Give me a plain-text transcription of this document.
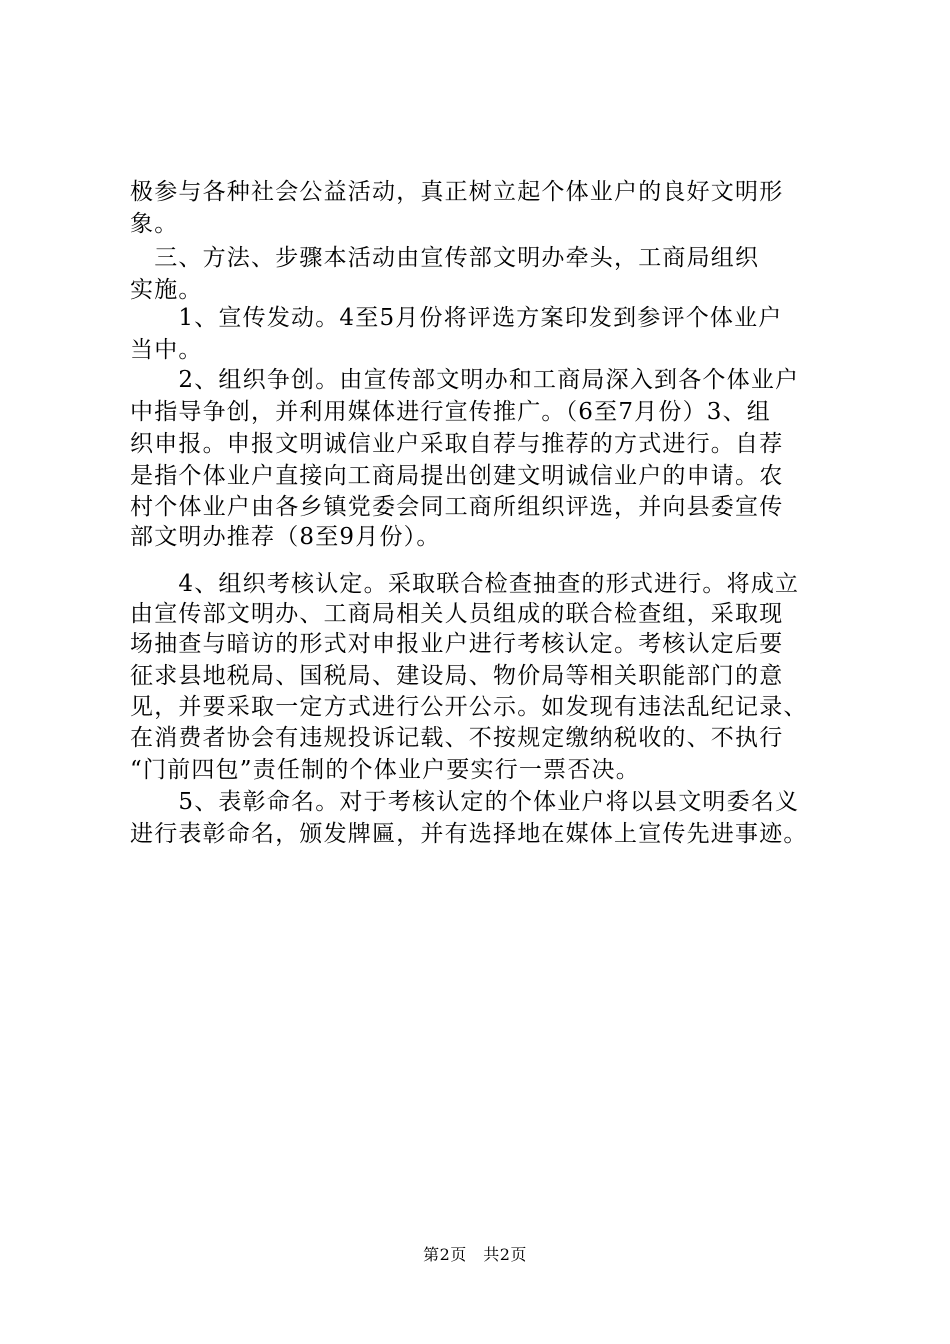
极参与各种社会公益活动，真正树立起个体业户的良好文明形
象。
　三、方法、步骤本活动由宣传部文明办牵头，工商局组织
实施。
　　1、宣传发动。4至5月份将评选方案印发到参评个体业户
当中。
　　2、组织争创。由宣传部文明办和工商局深入到各个体业户
中指导争创，并利用媒体进行宣传推广。（6至7月份）3、组
织申报。申报文明诚信业户采取自荐与推荐的方式进行。自荐
是指个体业户直接向工商局提出创建文明诚信业户的申请。农
村个体业户由各乡镇党委会同工商所组织评选，并向县委宣传
部文明办推荐（8至9月份）。
　　4、组织考核认定。采取联合检查抽查的形式进行。将成立
由宣传部文明办、工商局相关人员组成的联合检查组，采取现
场抽查与暗访的形式对申报业户进行考核认定。考核认定后要
征求县地税局、国税局、建设局、物价局等相关职能部门的意
见，并要采取一定方式进行公开公示。如发现有违法乱纪记录、
在消费者协会有违规投诉记载、不按规定缴纳税收的、不执行
“门前四包”责任制的个体业户要实行一票否决。
　　5、表彰命名。对于考核认定的个体业户将以县文明委名义
进行表彰命名，颁发牌匾，并有选择地在媒体上宣传先进事迹。
第2页　共2页
